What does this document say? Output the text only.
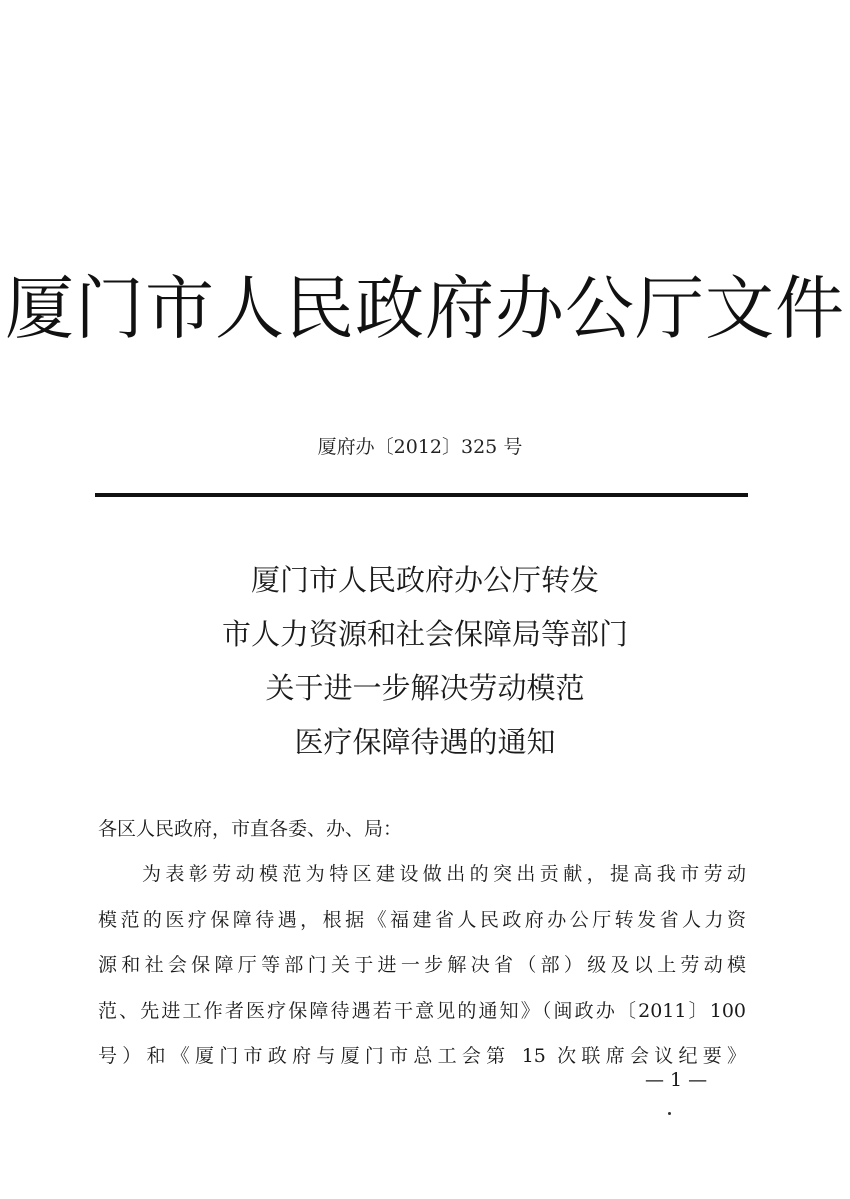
厦门市人民政府办公厅文件
厦府办〔2012〕325 号
厦门市人民政府办公厅转发
市人力资源和社会保障局等部门
关于进一步解决劳动模范
医疗保障待遇的通知
各区人民政府，市直各委、办、局：
为表彰劳动模范为特区建设做出的突出贡献，提高我市劳动
模范的医疗保障待遇，根据《福建省人民政府办公厅转发省人力资
源和社会保障厅等部门关于进一步解决省（部）级及以上劳动模
范、先进工作者医疗保障待遇若干意见的通知》（闽政办〔2011〕100
号）和《厦门市政府与厦门市总工会第 15 次联席会议纪要》
— 1 —
